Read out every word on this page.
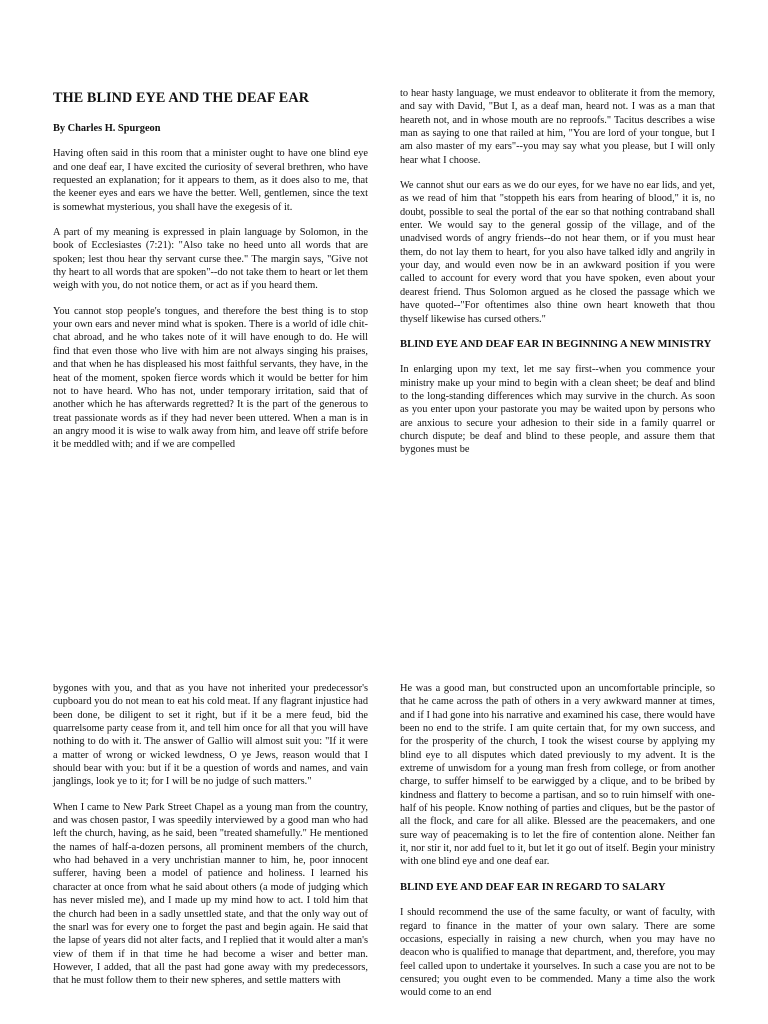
THE BLIND EYE AND THE DEAF EAR

By Charles H. Spurgeon

Having often said in this room that a minister ought to have one blind eye and one deaf ear, I have excited the curiosity of several brethren, who have requested an explanation; for it appears to them, as it does also to me, that the keener eyes and ears we have the better. Well, gentlemen, since the text is somewhat mysterious, you shall have the exegesis of it.

A part of my meaning is expressed in plain language by Solomon, in the book of Ecclesiastes (7:21): "Also take no heed unto all words that are spoken; lest thou hear thy servant curse thee." The margin says, "Give not thy heart to all words that are spoken"--do not take them to heart or let them weigh with you, do not notice them, or act as if you heard them.

You cannot stop people's tongues, and therefore the best thing is to stop your own ears and never mind what is spoken. There is a world of idle chit- chat abroad, and he who takes note of it will have enough to do. He will find that even those who live with him are not always singing his praises, and that when he has displeased his most faithful servants, they have, in the heat of the moment, spoken fierce words which it would be better for him not to have heard. Who has not, under temporary irritation, said that of another which he has afterwards regretted? It is the part of the generous to treat passionate words as if they had never been uttered. When a man is in an angry mood it is wise to walk away from him, and leave off strife before it be meddled with; and if we are compelled

to hear hasty language, we must endeavor to obliterate it from the memory, and say with David, "But I, as a deaf man, heard not. I was as a man that heareth not, and in whose mouth are no reproofs." Tacitus describes a wise man as saying to one that railed at him, "You are lord of your tongue, but I am also master of my ears"--you may say what you please, but I will only hear what I choose.

We cannot shut our ears as we do our eyes, for we have no ear lids, and yet, as we read of him that "stoppeth his ears from hearing of blood," it is, no doubt, possible to seal the portal of the ear so that nothing contraband shall enter. We would say to the general gossip of the village, and of the unadvised words of angry friends--do not hear them, or if you must hear them, do not lay them to heart, for you also have talked idly and angrily in your day, and would even now be in an awkward position if you were called to account for every word that you have spoken, even about your dearest friend. Thus Solomon argued as he closed the passage which we have quoted--"For oftentimes also thine own heart knoweth that thou thyself likewise has cursed others."

BLIND EYE AND DEAF EAR IN BEGINNING A NEW MINISTRY

In enlarging upon my text, let me say first--when you commence your ministry make up your mind to begin with a clean sheet; be deaf and blind to the long-standing differences which may survive in the church. As soon as you enter upon your pastorate you may be waited upon by persons who are anxious to secure your adhesion to their side in a family quarrel or church dispute; be deaf and blind to these people, and assure them that bygones must be

bygones with you, and that as you have not inherited your predecessor's cupboard you do not mean to eat his cold meat. If any flagrant injustice had been done, be diligent to set it right, but if it be a mere feud, bid the quarrelsome party cease from it, and tell him once for all that you will have nothing to do with it. The answer of Gallio will almost suit you: "If it were a matter of wrong or wicked lewdness, O ye Jews, reason would that I should bear with you: but if it be a question of words and names, and vain janglings, look ye to it; for I will be no judge of such matters."

When I came to New Park Street Chapel as a young man from the country, and was chosen pastor, I was speedily interviewed by a good man who had left the church, having, as he said, been "treated shamefully." He mentioned the names of half-a-dozen persons, all prominent members of the church, who had behaved in a very unchristian manner to him, he, poor innocent sufferer, having been a model of patience and holiness. I learned his character at once from what he said about others (a mode of judging which has never misled me), and I made up my mind how to act. I told him that the church had been in a sadly unsettled state, and that the only way out of the snarl was for every one to forget the past and begin again. He said that the lapse of years did not alter facts, and I replied that it would alter a man's view of them if in that time he had become a wiser and better man. However, I added, that all the past had gone away with my predecessors, that he must follow them to their new spheres, and settle matters with

He was a good man, but constructed upon an uncomfortable principle, so that he came across the path of others in a very awkward manner at times, and if I had gone into his narrative and examined his case, there would have been no end to the strife. I am quite certain that, for my own success, and for the prosperity of the church, I took the wisest course by applying my blind eye to all disputes which dated previously to my advent. It is the extreme of unwisdom for a young man fresh from college, or from another charge, to suffer himself to be earwigged by a clique, and to be bribed by kindness and flattery to become a partisan, and so to ruin himself with one-half of his people. Know nothing of parties and cliques, but be the pastor of all the flock, and care for all alike. Blessed are the peacemakers, and one sure way of peacemaking is to let the fire of contention alone. Neither fan it, nor stir it, nor add fuel to it, but let it go out of itself. Begin your ministry with one blind eye and one deaf ear.

BLIND EYE AND DEAF EAR IN REGARD TO SALARY

I should recommend the use of the same faculty, or want of faculty, with regard to finance in the matter of your own salary. There are some occasions, especially in raising a new church, when you may have no deacon who is qualified to manage that department, and, therefore, you may feel called upon to undertake it yourselves. In such a case you are not to be censured; you ought even to be commended. Many a time also the work would come to an end
